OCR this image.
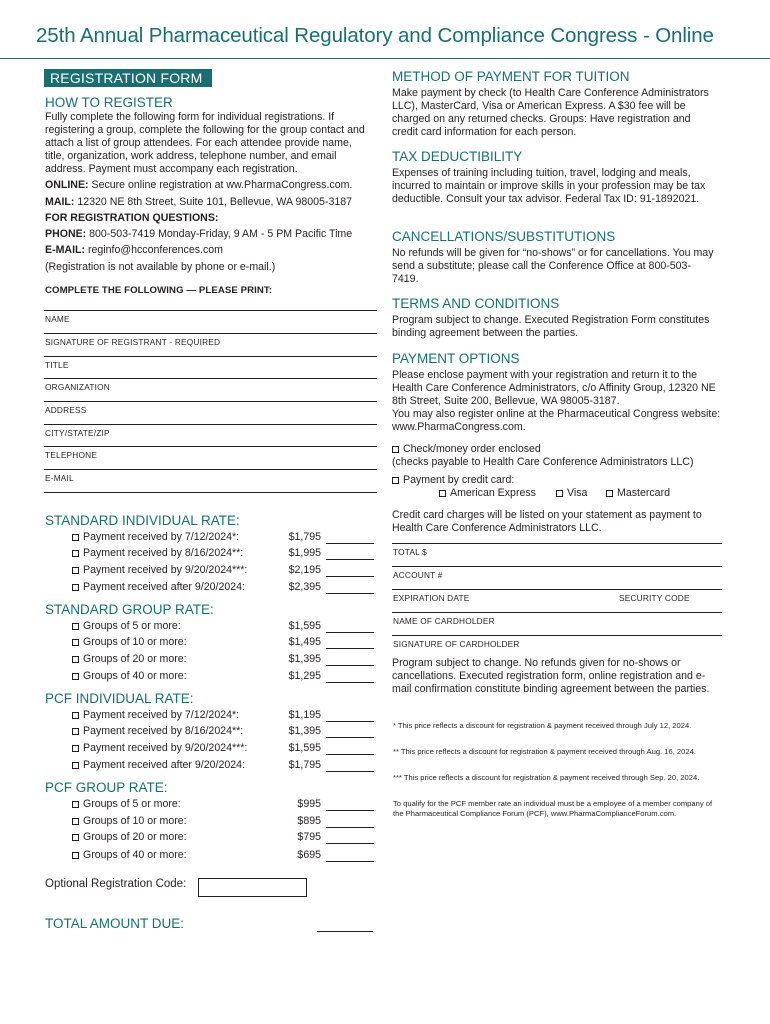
25th Annual Pharmaceutical Regulatory and Compliance Congress - Online
REGISTRATION FORM
HOW TO REGISTER
Fully complete the following form for individual registrations. If registering a group, complete the following for the group contact and attach a list of group attendees. For each attendee provide name, title, organization, work address, telephone number, and email address. Payment must accompany each registration.
ONLINE: Secure online registration at ww.PharmaCongress.com.
MAIL: 12320 NE 8th Street, Suite 101, Bellevue, WA 98005-3187
FOR REGISTRATION QUESTIONS:
PHONE: 800-503-7419 Monday-Friday, 9 AM - 5 PM Pacific Time
E-MAIL: reginfo@hcconferences.com
(Registration is not available by phone or e-mail.)
COMPLETE THE FOLLOWING — PLEASE PRINT:
NAME
SIGNATURE OF REGISTRANT - REQUIRED
TITLE
ORGANIZATION
ADDRESS
CITY/STATE/ZIP
TELEPHONE
E-MAIL
STANDARD INDIVIDUAL RATE:
Payment received by 7/12/2024*:	$1,795
Payment received by 8/16/2024**:	$1,995
Payment received by 9/20/2024***:	$2,195
Payment received after 9/20/2024:	$2,395
STANDARD GROUP RATE:
Groups of 5 or more:	$1,595
Groups of 10 or more:	$1,495
Groups of 20 or more:	$1,395
Groups of 40 or more:	$1,295
PCF INDIVIDUAL RATE:
Payment received by 7/12/2024*:	$1,195
Payment received by 8/16/2024**:	$1,395
Payment received by 9/20/2024***:	$1,595
Payment received after 9/20/2024:	$1,795
PCF GROUP RATE:
Groups of 5 or more:	$995
Groups of 10 or more:	$895
Groups of 20 or more:	$795
Groups of 40 or more:	$695
Optional Registration Code:
TOTAL AMOUNT DUE:
METHOD OF PAYMENT FOR TUITION
Make payment by check (to Health Care Conference Administrators LLC), MasterCard, Visa or American Express. A $30 fee will be charged on any returned checks. Groups: Have registration and credit card information for each person.
TAX DEDUCTIBILITY
Expenses of training including tuition, travel, lodging and meals, incurred to maintain or improve skills in your profession may be tax deductible. Consult your tax advisor. Federal Tax ID: 91-1892021.
CANCELLATIONS/SUBSTITUTIONS
No refunds will be given for “no-shows” or for cancellations. You may send a substitute; please call the Conference Office at 800-503-7419.
TERMS AND CONDITIONS
Program subject to change. Executed Registration Form constitutes binding agreement between the parties.
PAYMENT OPTIONS
Please enclose payment with your registration and return it to the Health Care Conference Administrators, c/o Affinity Group, 12320 NE 8th Street, Suite 200, Bellevue, WA 98005-3187.
You may also register online at the Pharmaceutical Congress website: www.PharmaCongress.com.
Check/money order enclosed
(checks payable to Health Care Conference Administrators LLC)
Payment by credit card:
American Express	Visa	Mastercard
Credit card charges will be listed on your statement as payment to Health Care Conference Administrators LLC.
TOTAL $
ACCOUNT #
EXPIRATION DATE	SECURITY CODE
NAME OF CARDHOLDER
SIGNATURE OF CARDHOLDER
Program subject to change. No refunds given for no-shows or cancellations. Executed registration form, online registration and e-mail confirmation constitute binding agreement between the parties.
* This price reflects a discount for registration & payment received through July 12, 2024.
** This price reflects a discount for registration & payment received through Aug. 16, 2024.
*** This price reflects a discount for registration & payment received through Sep. 20, 2024.
To qualify for the PCF member rate an individual must be a employee of a member company of the Pharmaceutical Compliance Forum (PCF), www.PharmaComplianceForum.com.
